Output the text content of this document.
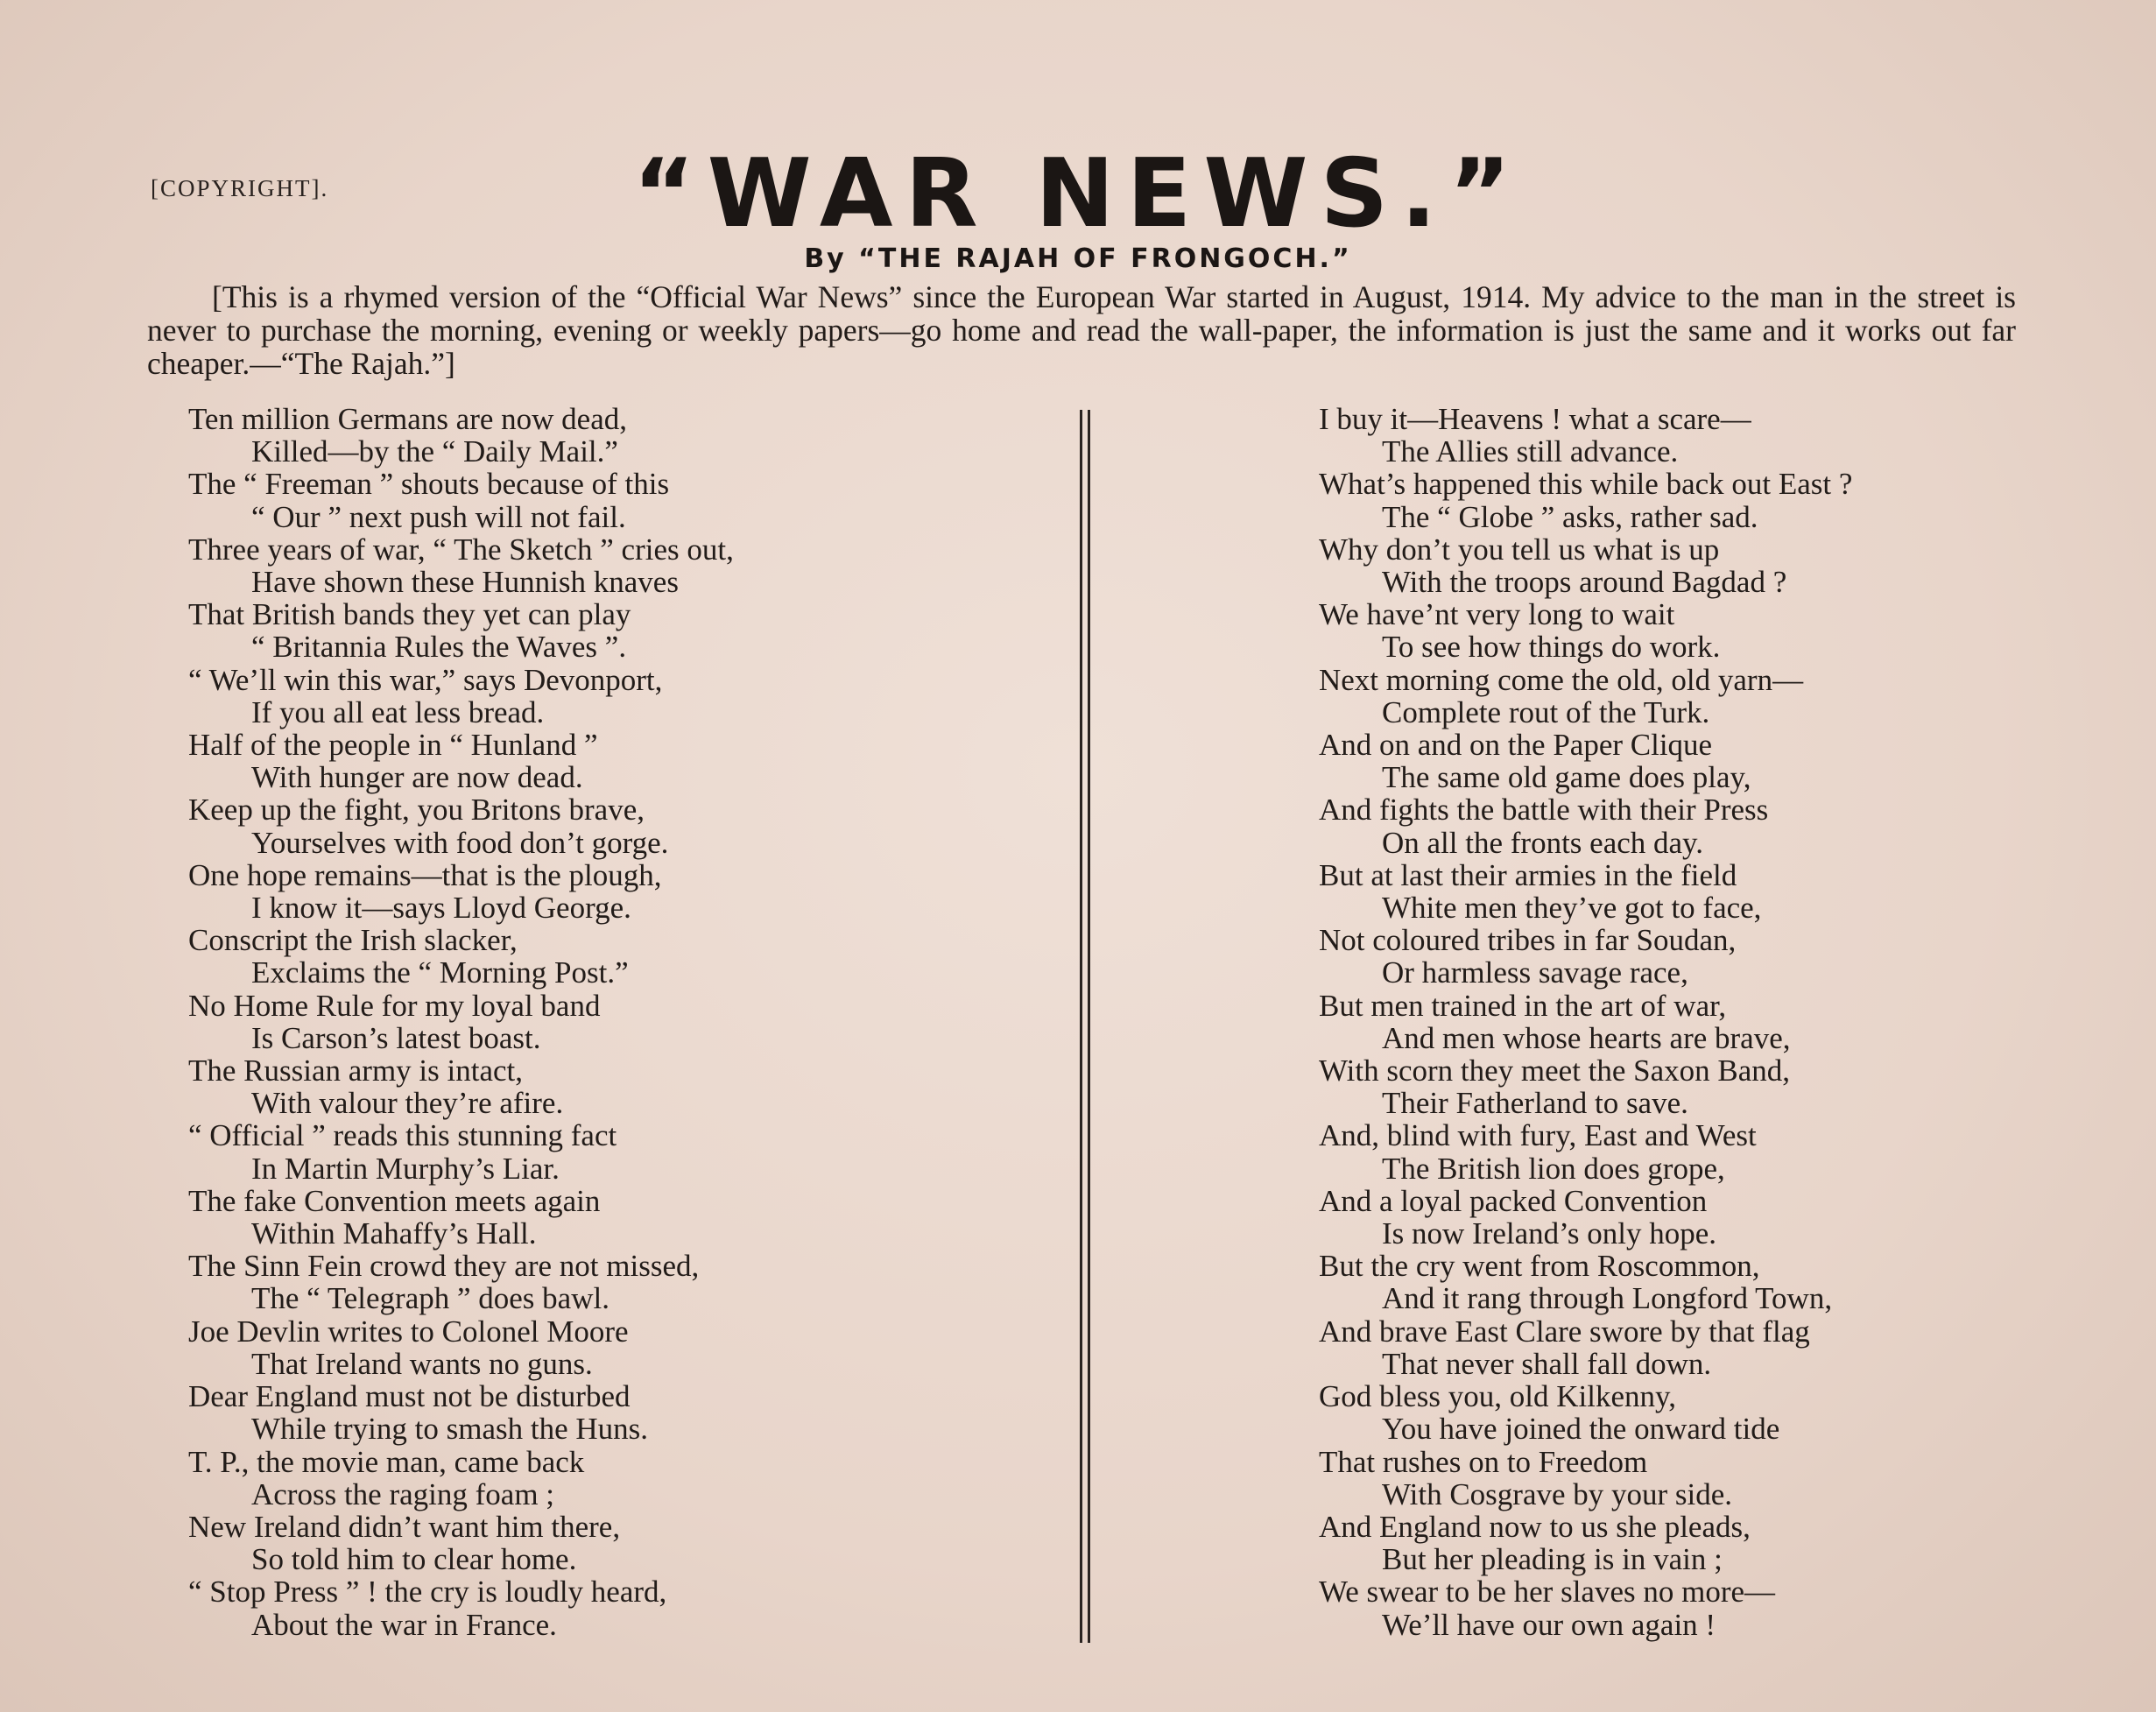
[COPYRIGHT].	“WAR NEWS.”
By “THE RAJAH OF FRONGOCH.”
[This is a rhymed version of the “Official War News” since the European War started in August, 1914. My advice to the man in the street is never to purchase the morning, evening or weekly papers—go home and read the wall-paper, the information is just the same and it works out far cheaper.—“The Rajah.”]
Ten million Germans are now dead,
Killed—by the “ Daily Mail.”
The “ Freeman ” shouts because of this
“ Our ” next push will not fail.
Three years of war, “ The Sketch ” cries out,
Have shown these Hunnish knaves
That British bands they yet can play
“ Britannia Rules the Waves ”.
“ We’ll win this war,” says Devonport,
If you all eat less bread.
Half of the people in “ Hunland ”
With hunger are now dead.
Keep up the fight, you Britons brave,
Yourselves with food don’t gorge.
One hope remains—that is the plough,
I know it—says Lloyd George.
Conscript the Irish slacker,
Exclaims the “ Morning Post.”
No Home Rule for my loyal band
Is Carson’s latest boast.
The Russian army is intact,
With valour they’re afire.
“ Official ” reads this stunning fact
In Martin Murphy’s Liar.
The fake Convention meets again
Within Mahaffy’s Hall.
The Sinn Fein crowd they are not missed,
The “ Telegraph ” does bawl.
Joe Devlin writes to Colonel Moore
That Ireland wants no guns.
Dear England must not be disturbed
While trying to smash the Huns.
T. P., the movie man, came back
Across the raging foam ;
New Ireland didn’t want him there,
So told him to clear home.
“ Stop Press ” ! the cry is loudly heard,
About the war in France.
I buy it—Heavens ! what a scare—
The Allies still advance.
What’s happened this while back out East ?
The “ Globe ” asks, rather sad.
Why don’t you tell us what is up
With the troops around Bagdad ?
We have’nt very long to wait
To see how things do work.
Next morning come the old, old yarn—
Complete rout of the Turk.
And on and on the Paper Clique
The same old game does play,
And fights the battle with their Press
On all the fronts each day.
But at last their armies in the field
White men they’ve got to face,
Not coloured tribes in far Soudan,
Or harmless savage race,
But men trained in the art of war,
And men whose hearts are brave,
With scorn they meet the Saxon Band,
Their Fatherland to save.
And, blind with fury, East and West
The British lion does grope,
And a loyal packed Convention
Is now Ireland’s only hope.
But the cry went from Roscommon,
And it rang through Longford Town,
And brave East Clare swore by that flag
That never shall fall down.
God bless you, old Kilkenny,
You have joined the onward tide
That rushes on to Freedom
With Cosgrave by your side.
And England now to us she pleads,
But her pleading is in vain ;
We swear to be her slaves no more—
We’ll have our own again !
